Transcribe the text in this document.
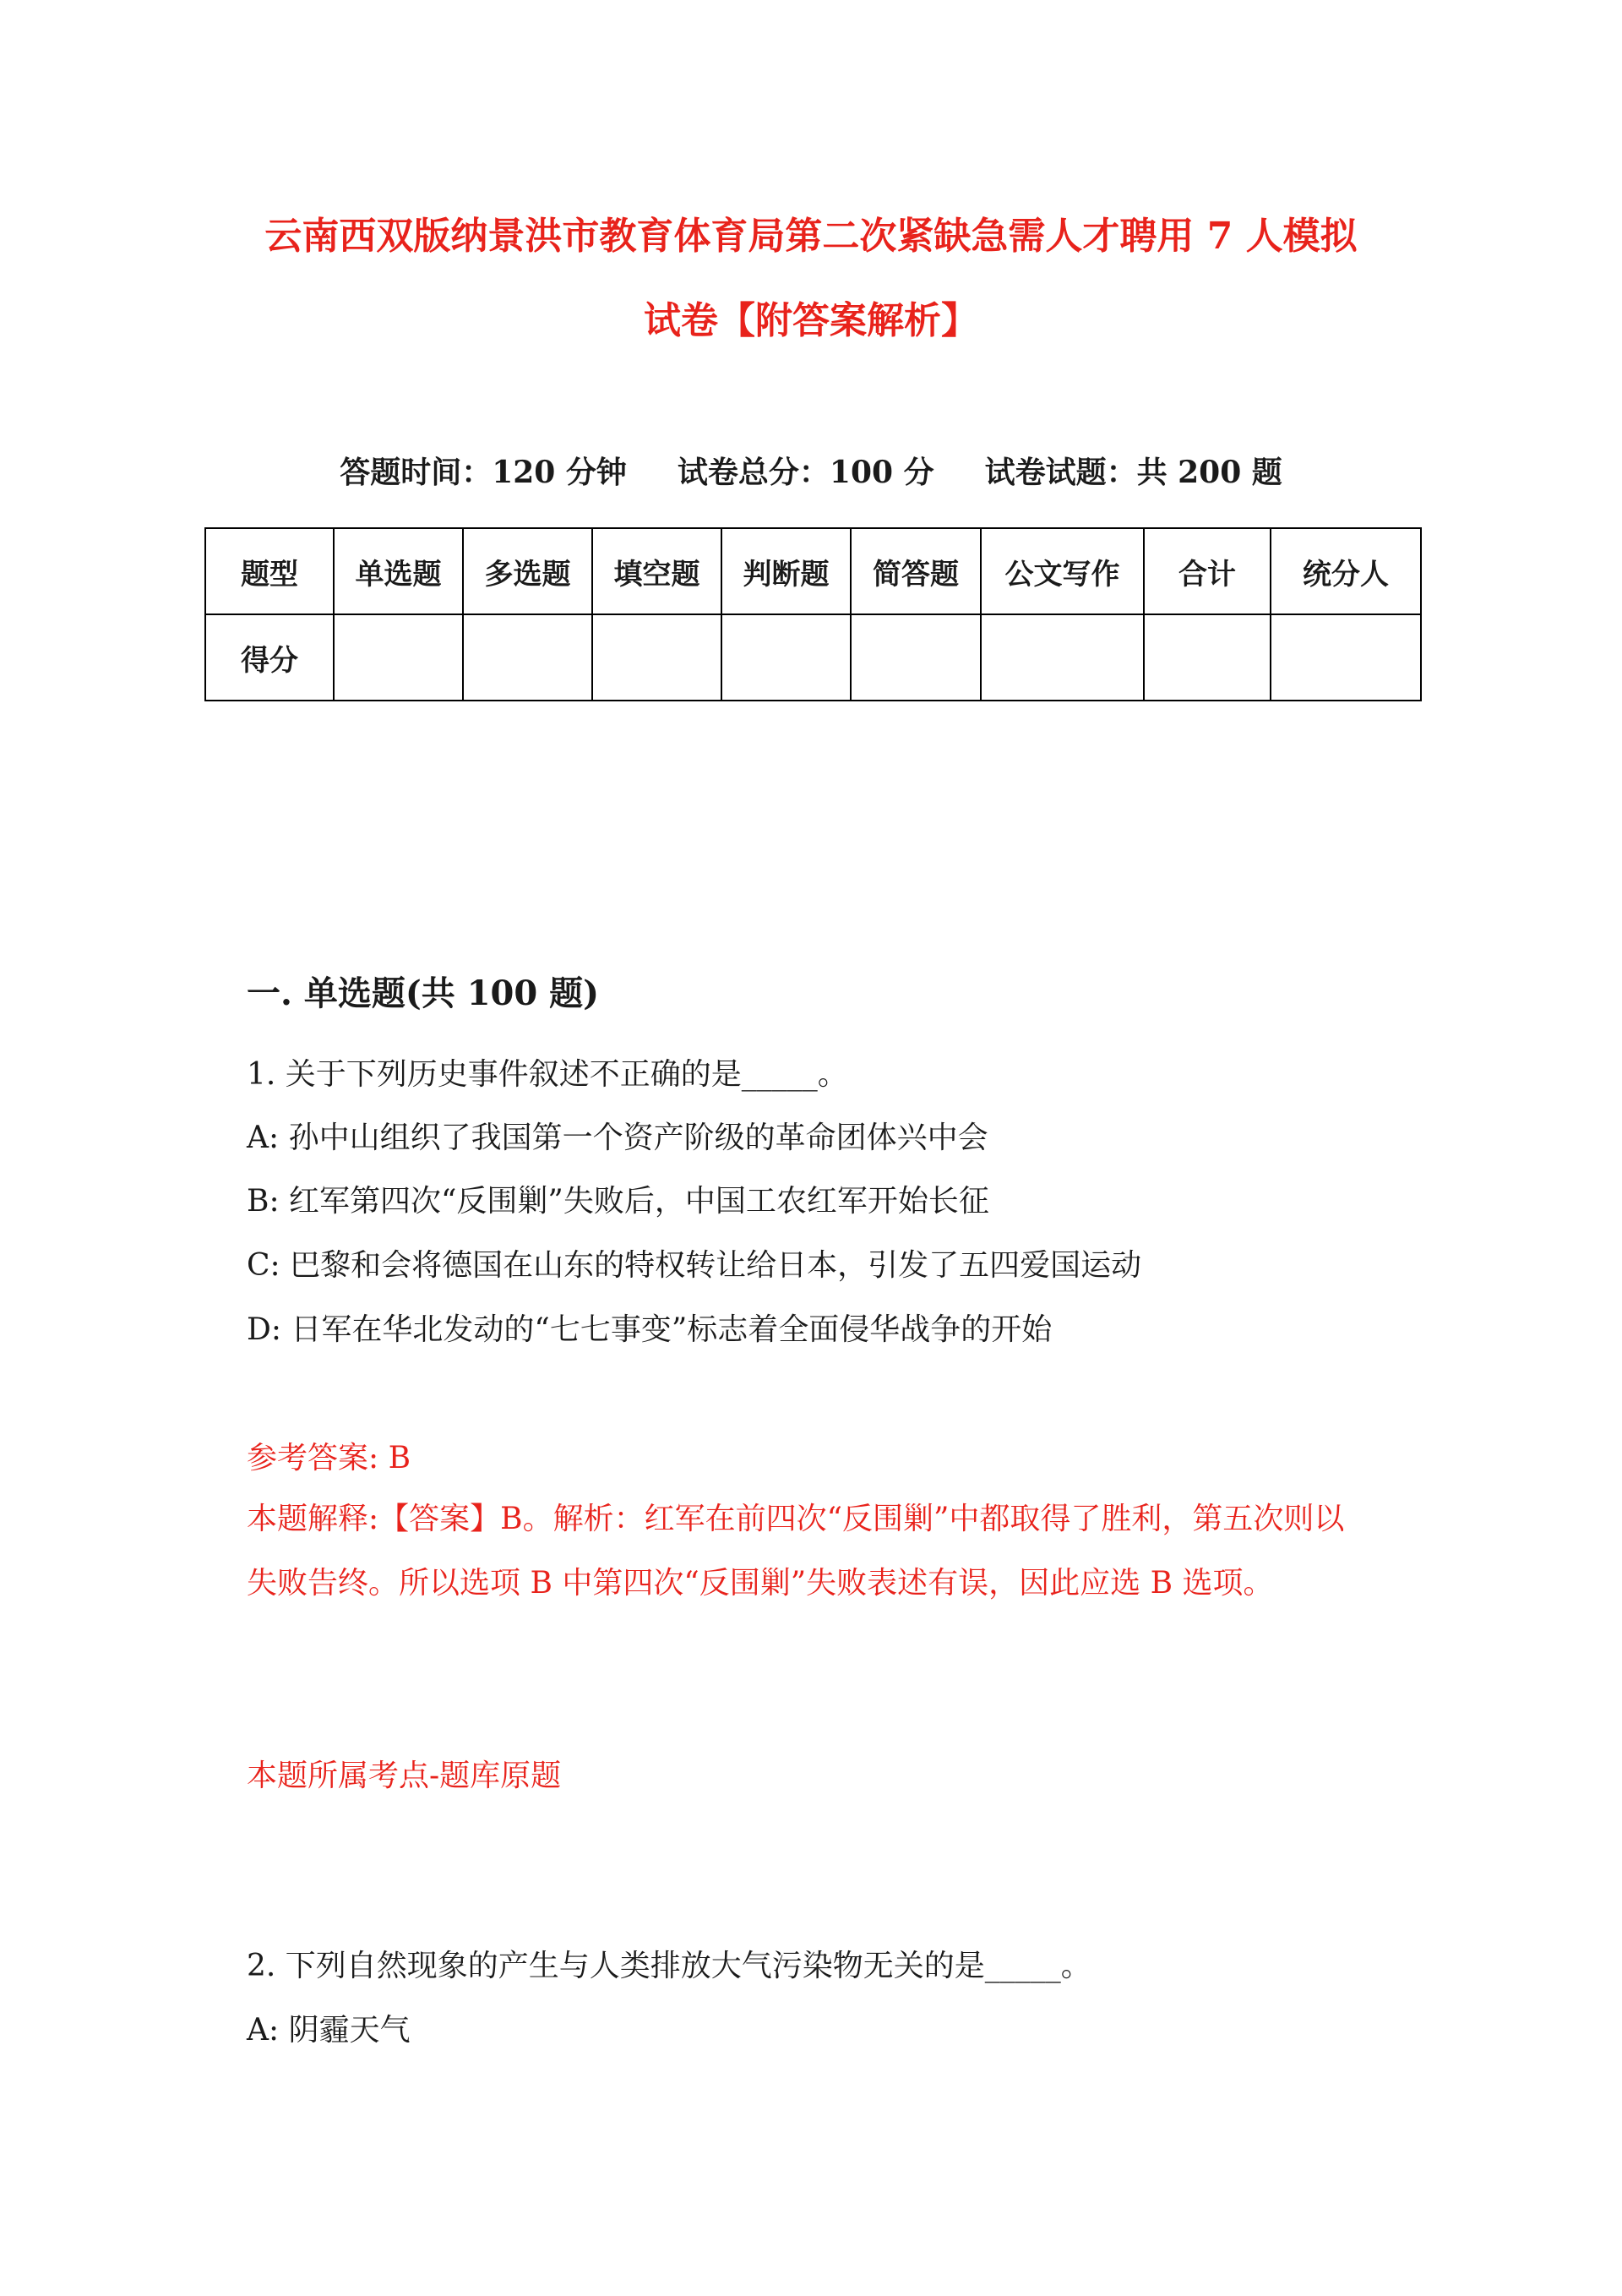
云南西双版纳景洪市教育体育局第二次紧缺急需人才聘用 7 人模拟
试卷【附答案解析】
答题时间：120 分钟 试卷总分：100 分 试卷试题：共 200 题
题型	单选题	多选题	填空题	判断题	简答题	公文写作	合计	统分人
得分								
一. 单选题(共 100 题)
1. 关于下列历史事件叙述不正确的是_____。
A: 孙中山组织了我国第一个资产阶级的革命团体兴中会
B: 红军第四次“反围剿”失败后，中国工农红军开始长征
C: 巴黎和会将德国在山东的特权转让给日本，引发了五四爱国运动
D: 日军在华北发动的“七七事变”标志着全面侵华战争的开始
参考答案: B
本题解释:【答案】B。解析：红军在前四次“反围剿”中都取得了胜利，第五次则以失败告终。所以选项 B 中第四次“反围剿”失败表述有误，因此应选 B 选项。
本题所属考点-题库原题
2. 下列自然现象的产生与人类排放大气污染物无关的是_____。
A: 阴霾天气
